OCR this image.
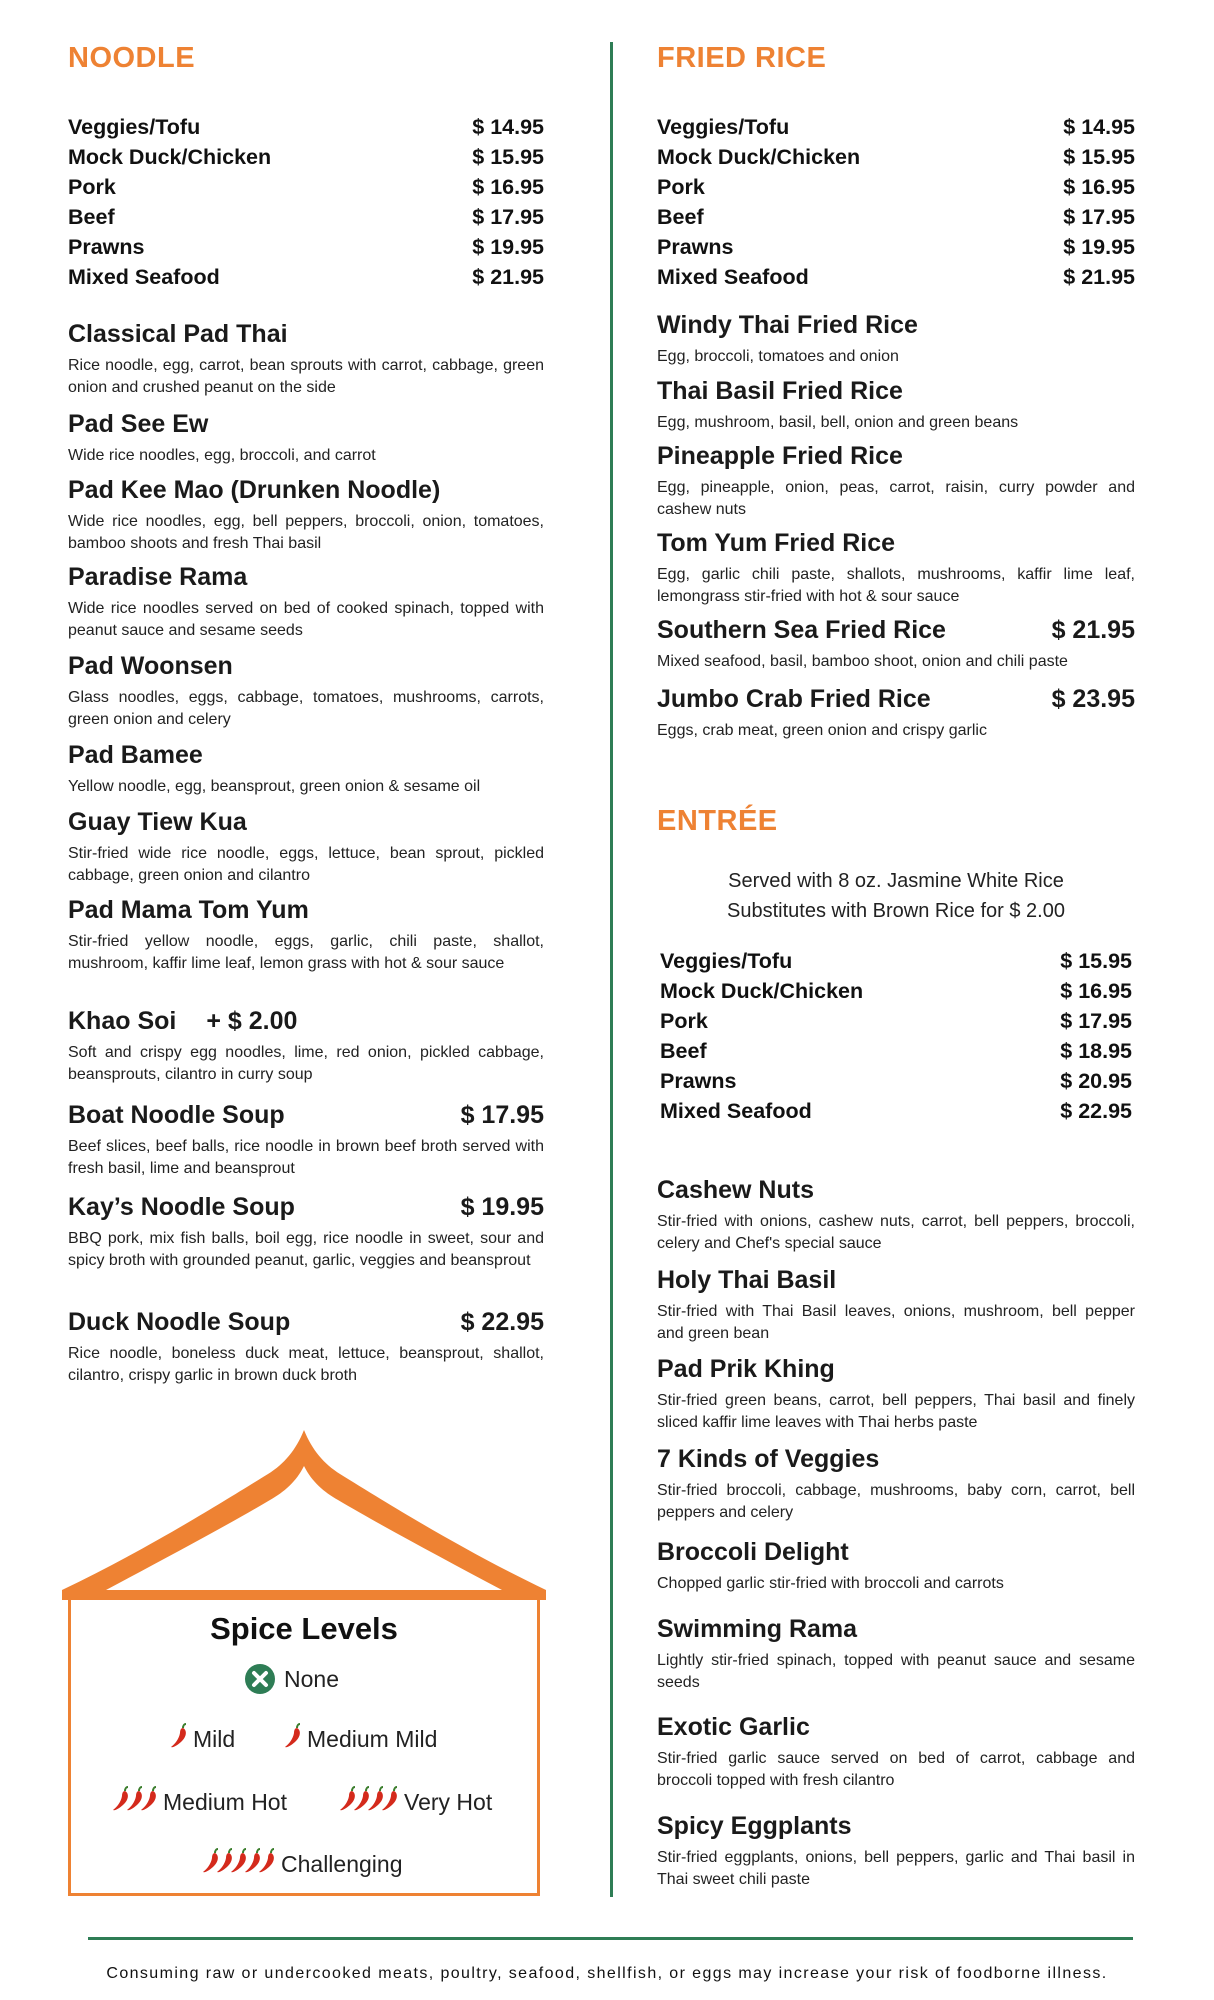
NOODLE
Veggies/Tofu	$ 14.95
Mock Duck/Chicken	$ 15.95
Pork	$ 16.95
Beef	$ 17.95
Prawns	$ 19.95
Mixed Seafood	$ 21.95
Classical Pad Thai
Rice noodle, egg, carrot, bean sprouts with carrot, cabbage, green onion and crushed peanut on the side
Pad See Ew
Wide rice noodles, egg, broccoli, and carrot
Pad Kee Mao (Drunken Noodle)
Wide rice noodles, egg, bell peppers, broccoli, onion, tomatoes, bamboo shoots and fresh Thai basil
Paradise Rama
Wide rice noodles served on bed of cooked spinach, topped with peanut sauce and sesame seeds
Pad Woonsen
Glass noodles, eggs, cabbage, tomatoes, mushrooms, carrots, green onion and celery
Pad Bamee
Yellow noodle, egg, beansprout, green onion & sesame oil
Guay Tiew Kua
Stir-fried wide rice noodle, eggs, lettuce, bean sprout, pickled cabbage, green onion and cilantro
Pad Mama Tom Yum
Stir-fried yellow noodle, eggs, garlic, chili paste, shallot, mushroom, kaffir lime leaf, lemon grass with hot & sour sauce
Khao Soi + $ 2.00
Soft and crispy egg noodles, lime, red onion, pickled cabbage, beansprouts, cilantro in curry soup
Boat Noodle Soup	$ 17.95
Beef slices, beef balls, rice noodle in brown beef broth served with fresh basil, lime and beansprout
Kay’s Noodle Soup	$ 19.95
BBQ pork, mix fish balls, boil egg, rice noodle in sweet, sour and spicy broth with grounded peanut, garlic, veggies and beansprout
Duck Noodle Soup	$ 22.95
Rice noodle, boneless duck meat, lettuce, beansprout, shallot, cilantro, crispy garlic in brown duck broth
Spice Levels
None
Mild	Medium Mild
Medium Hot	Very Hot
Challenging
FRIED RICE
Veggies/Tofu	$ 14.95
Mock Duck/Chicken	$ 15.95
Pork	$ 16.95
Beef	$ 17.95
Prawns	$ 19.95
Mixed Seafood	$ 21.95
Windy Thai Fried Rice
Egg, broccoli, tomatoes and onion
Thai Basil Fried Rice
Egg, mushroom, basil, bell, onion and green beans
Pineapple Fried Rice
Egg, pineapple, onion, peas, carrot, raisin, curry powder and cashew nuts
Tom Yum Fried Rice
Egg, garlic chili paste, shallots, mushrooms, kaffir lime leaf, lemongrass stir-fried with hot & sour sauce
Southern Sea Fried Rice	$ 21.95
Mixed seafood, basil, bamboo shoot, onion and chili paste
Jumbo Crab Fried Rice	$ 23.95
Eggs, crab meat, green onion and crispy garlic
ENTRÉE
Served with 8 oz. Jasmine White Rice
Substitutes with Brown Rice for $ 2.00
Veggies/Tofu	$ 15.95
Mock Duck/Chicken	$ 16.95
Pork	$ 17.95
Beef	$ 18.95
Prawns	$ 20.95
Mixed Seafood	$ 22.95
Cashew Nuts
Stir-fried with onions, cashew nuts, carrot, bell peppers, broccoli, celery and Chef's special sauce
Holy Thai Basil
Stir-fried with Thai Basil leaves, onions, mushroom, bell pepper and green bean
Pad Prik Khing
Stir-fried green beans, carrot, bell peppers, Thai basil and finely sliced kaffir lime leaves with Thai herbs paste
7 Kinds of Veggies
Stir-fried broccoli, cabbage, mushrooms, baby corn, carrot, bell peppers and celery
Broccoli Delight
Chopped garlic stir-fried with broccoli and carrots
Swimming Rama
Lightly stir-fried spinach, topped with peanut sauce and sesame seeds
Exotic Garlic
Stir-fried garlic sauce served on bed of carrot, cabbage and broccoli topped with fresh cilantro
Spicy Eggplants
Stir-fried eggplants, onions, bell peppers, garlic and Thai basil in Thai sweet chili paste
Consuming raw or undercooked meats, poultry, seafood, shellfish, or eggs may increase your risk of foodborne illness.
